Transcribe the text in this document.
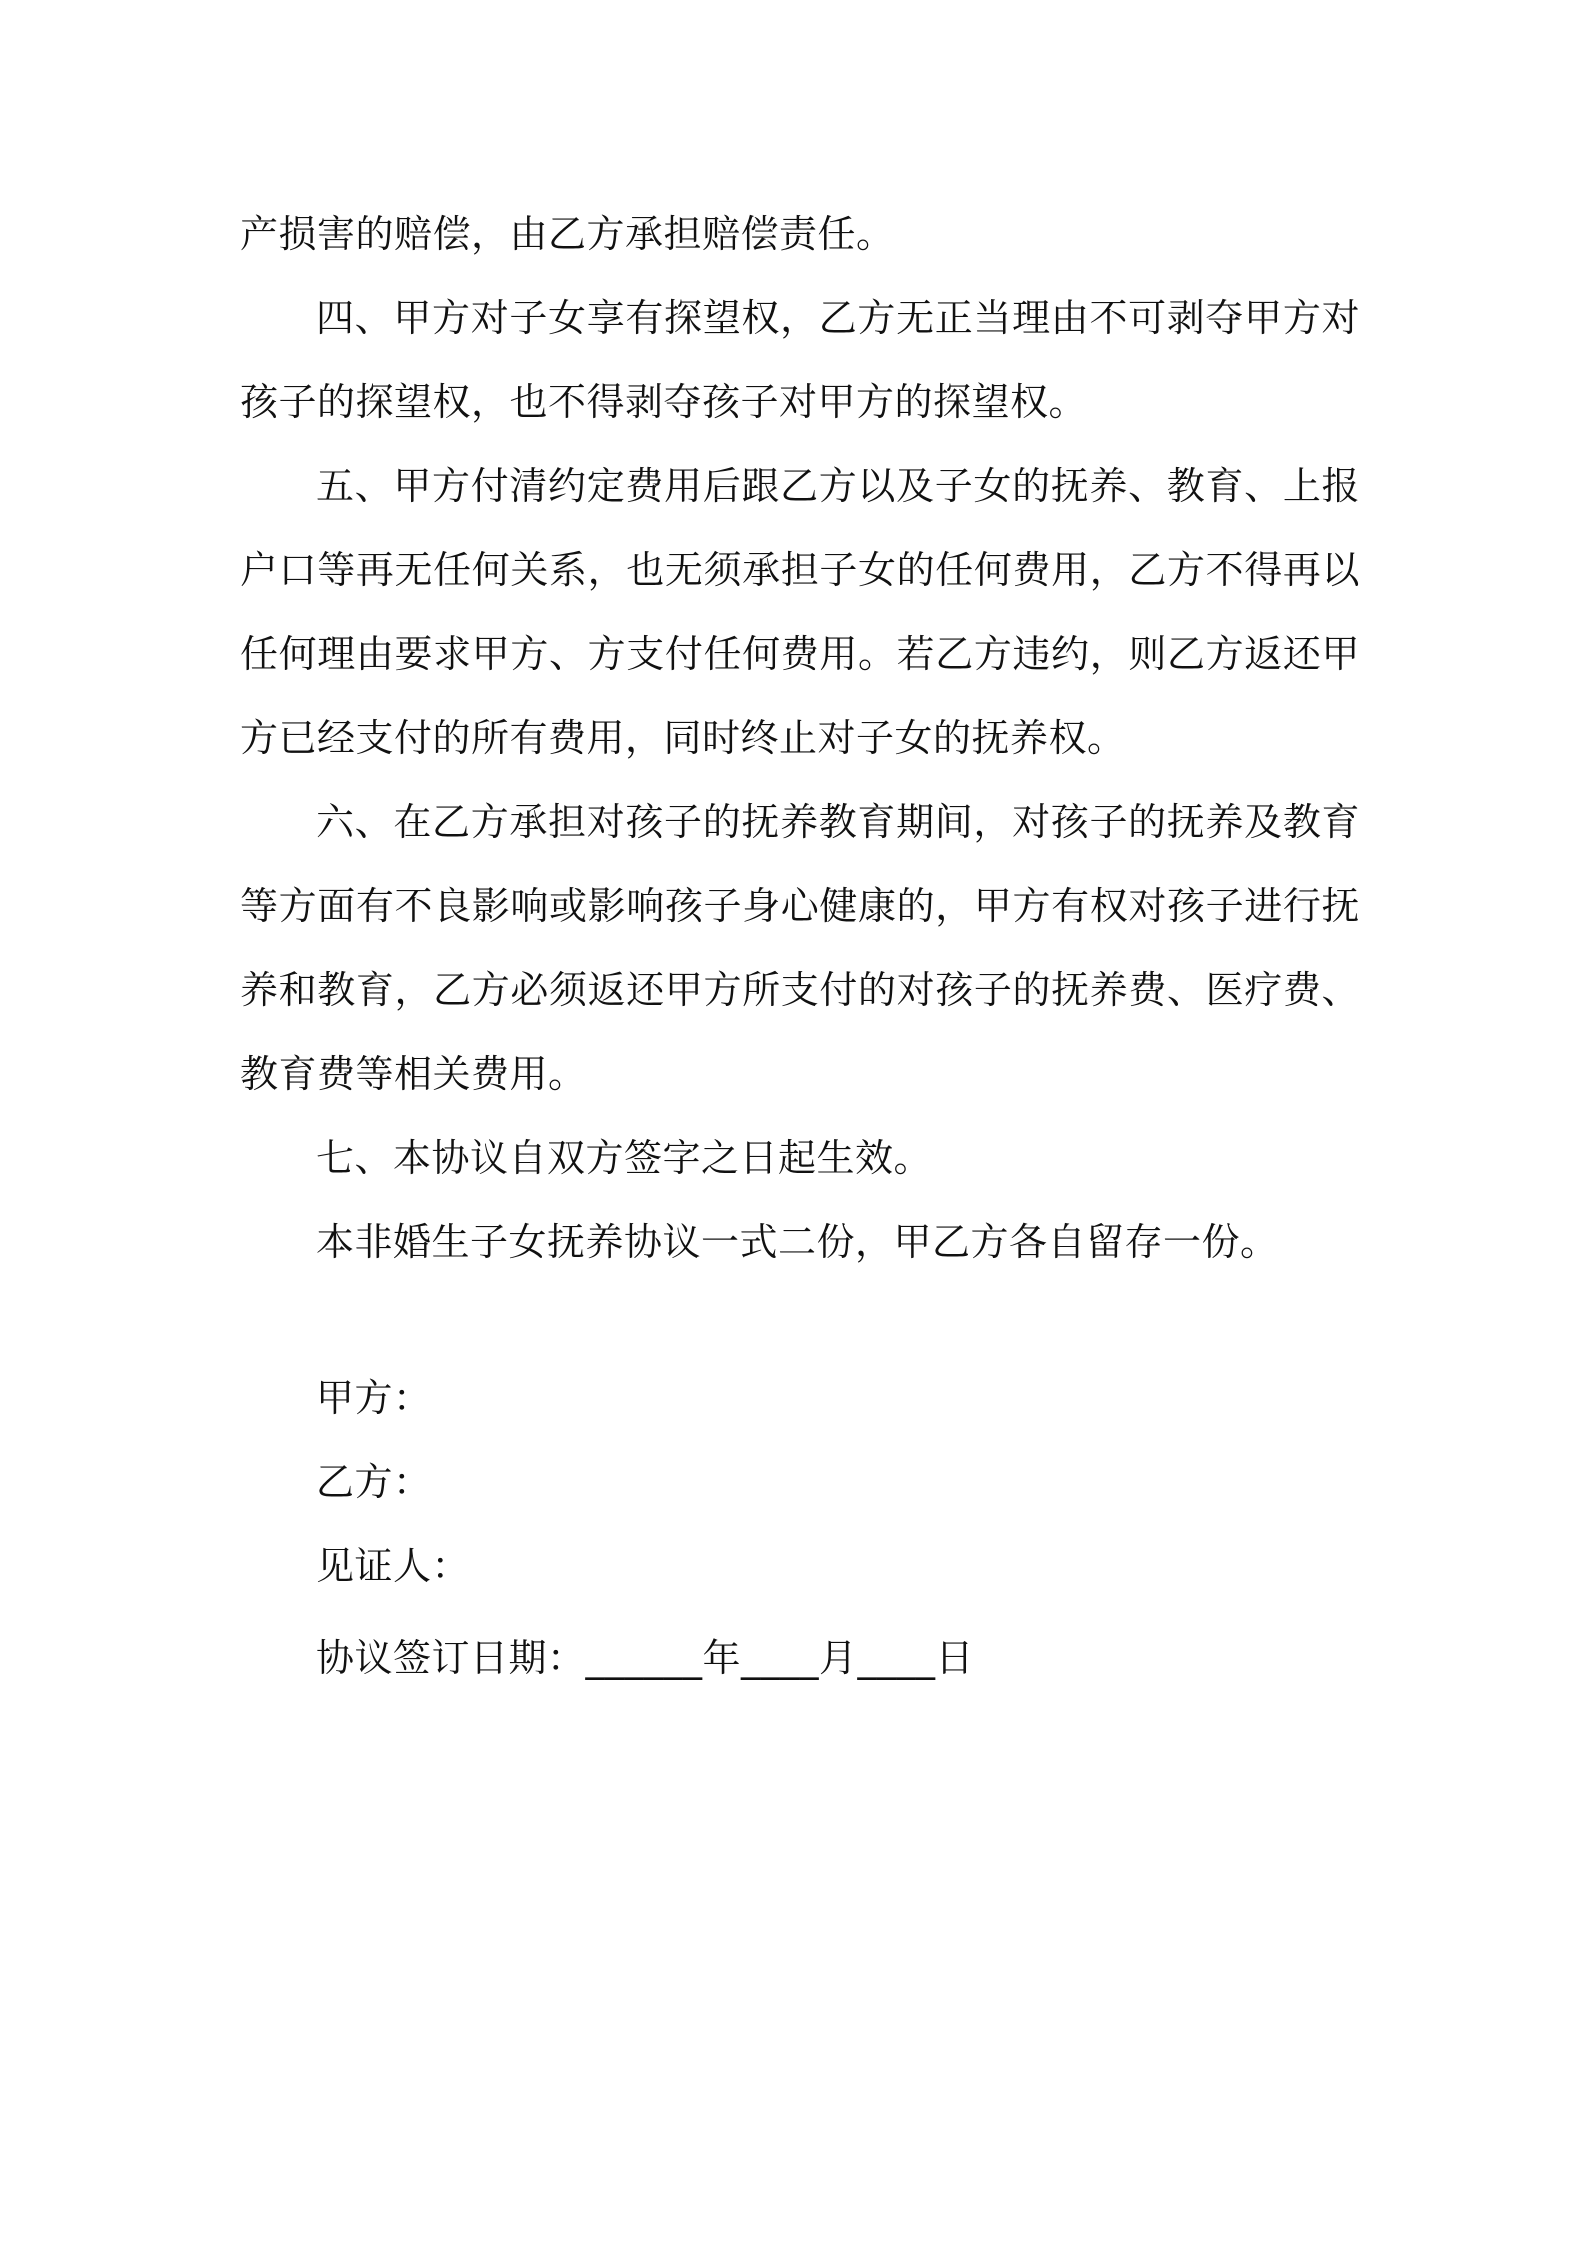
产损害的赔偿，由乙方承担赔偿责任。

四、甲方对子女享有探望权，乙方无正当理由不可剥夺甲方对孩子的探望权，也不得剥夺孩子对甲方的探望权。

五、甲方付清约定费用后跟乙方以及子女的抚养、教育、上报户口等再无任何关系，也无须承担子女的任何费用，乙方不得再以任何理由要求甲方、方支付任何费用。若乙方违约，则乙方返还甲方已经支付的所有费用，同时终止对子女的抚养权。

六、在乙方承担对孩子的抚养教育期间，对孩子的抚养及教育等方面有不良影响或影响孩子身心健康的，甲方有权对孩子进行抚养和教育，乙方必须返还甲方所支付的对孩子的抚养费、医疗费、教育费等相关费用。

七、本协议自双方签字之日起生效。

本非婚生子女抚养协议一式二份，甲乙方各自留存一份。

甲方：

乙方：

见证人：

协议签订日期：______年____月____日
